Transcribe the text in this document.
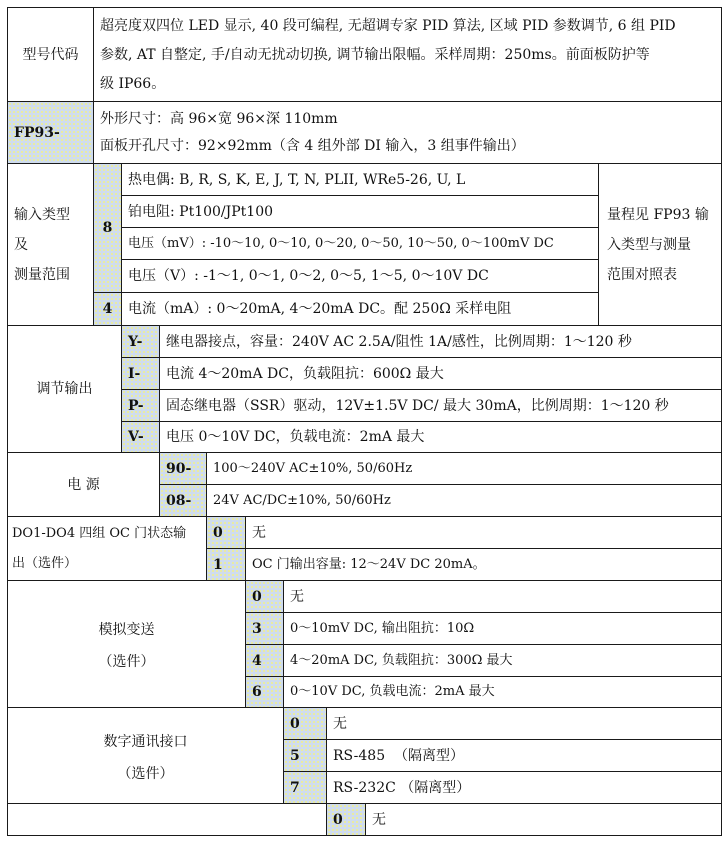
型号代码
超亮度双四位 LED 显示, 40 段可编程, 无超调专家 PID 算法, 区域 PID 参数调节, 6 组 PID
参数, AT 自整定, 手/自动无扰动切换, 调节输出限幅。采样周期：250ms。前面板防护等
级 IP66。
FP93-
外形尺寸：高 96×宽 96×深 110mm
面板开孔尺寸：92×92mm（含 4 组外部 DI 输入，3 组事件输出）
输入类型
及
测量范围
8
4
热电偶: B, R, S, K, E, J, T, N, PLII, WRe5-26, U, L
铂电阻: Pt100/JPt100
电压（mV）: -10～10, 0～10, 0～20, 0～50, 10～50, 0～100mV DC
电压（V）: -1～1, 0～1, 0～2, 0～5, 1～5, 0～10V DC
电流（mA）: 0～20mA, 4～20mA DC。配 250Ω 采样电阻
量程见 FP93 输
入类型与测量
范围对照表
调节输出
Y- 继电器接点，容量：240V AC 2.5A/阻性 1A/感性，比例周期：1～120 秒
I- 电流 4～20mA DC，负载阻抗：600Ω 最大
P- 固态继电器（SSR）驱动，12V±1.5V DC/ 最大 30mA，比例周期：1～120 秒
V- 电压 0～10V DC，负载电流：2mA 最大
电 源
90- 100～240V AC±10%, 50/60Hz
08- 24V AC/DC±10%, 50/60Hz
DO1-DO4 四组 OC 门状态输
出（选件）
0 无
1 OC 门输出容量: 12～24V DC 20mA。
模拟变送
（选件）
0 无
3 0～10mV DC, 输出阻抗：10Ω
4 4～20mA DC, 负载阻抗：300Ω 最大
6 0～10V DC, 负载电流：2mA 最大
数字通讯接口
（选件）
0 无
5 RS-485  （隔离型）
7 RS-232C （隔离型）
0 无
